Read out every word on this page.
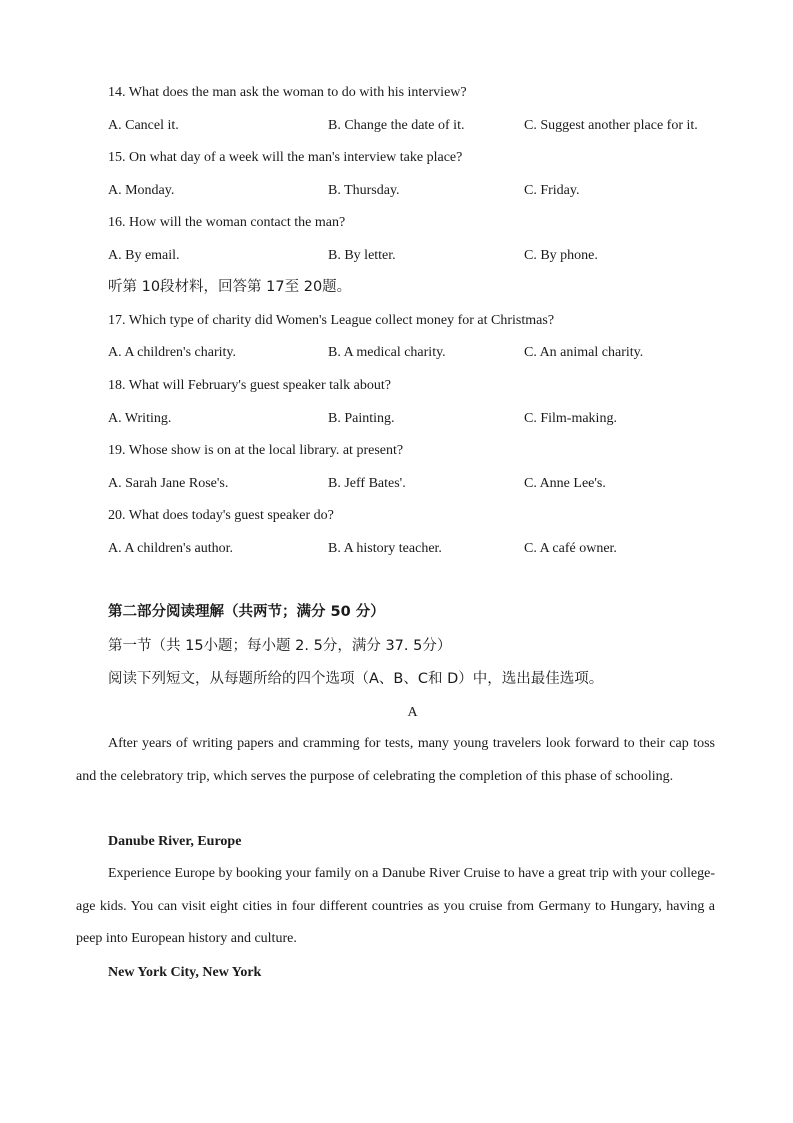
14. What does the man ask the woman to do with his interview?
A. Cancel it.	B. Change the date of it.	C. Suggest another place for it.
15. On what day of a week will the man's interview take place?
A. Monday.	B. Thursday.	C. Friday.
16. How will the woman contact the man?
A. By email.	B. By letter.	C. By phone.
听第 10段材料，回答第 17至 20题。
17. Which type of charity did Women's League collect money for at Christmas?
A. A children's charity.	B. A medical charity.	C. An animal charity.
18. What will February's guest speaker talk about?
A. Writing.	B. Painting.	C. Film-making.
19. Whose show is on at the local library. at present?
A. Sarah Jane Rose's.	B. Jeff Bates'.	C. Anne Lee's.
20. What does today's guest speaker do?
A. A children's author.	B. A history teacher.	C. A café owner.
第二部分阅读理解（共两节；满分 50 分）
第一节（共 15小题；每小题 2. 5分，满分 37. 5分）
阅读下列短文，从每题所给的四个选项（A、B、C和 D）中，选出最佳选项。
A

After years of writing papers and cramming for tests, many young travelers look forward to their cap toss and the celebratory trip, which serves the purpose of celebrating the completion of this phase of schooling.

Danube River, Europe

Experience Europe by booking your family on a Danube River Cruise to have a great trip with your college-age kids. You can visit eight cities in four different countries as you cruise from Germany to Hungary, having a peep into European history and culture.

New York City, New York
